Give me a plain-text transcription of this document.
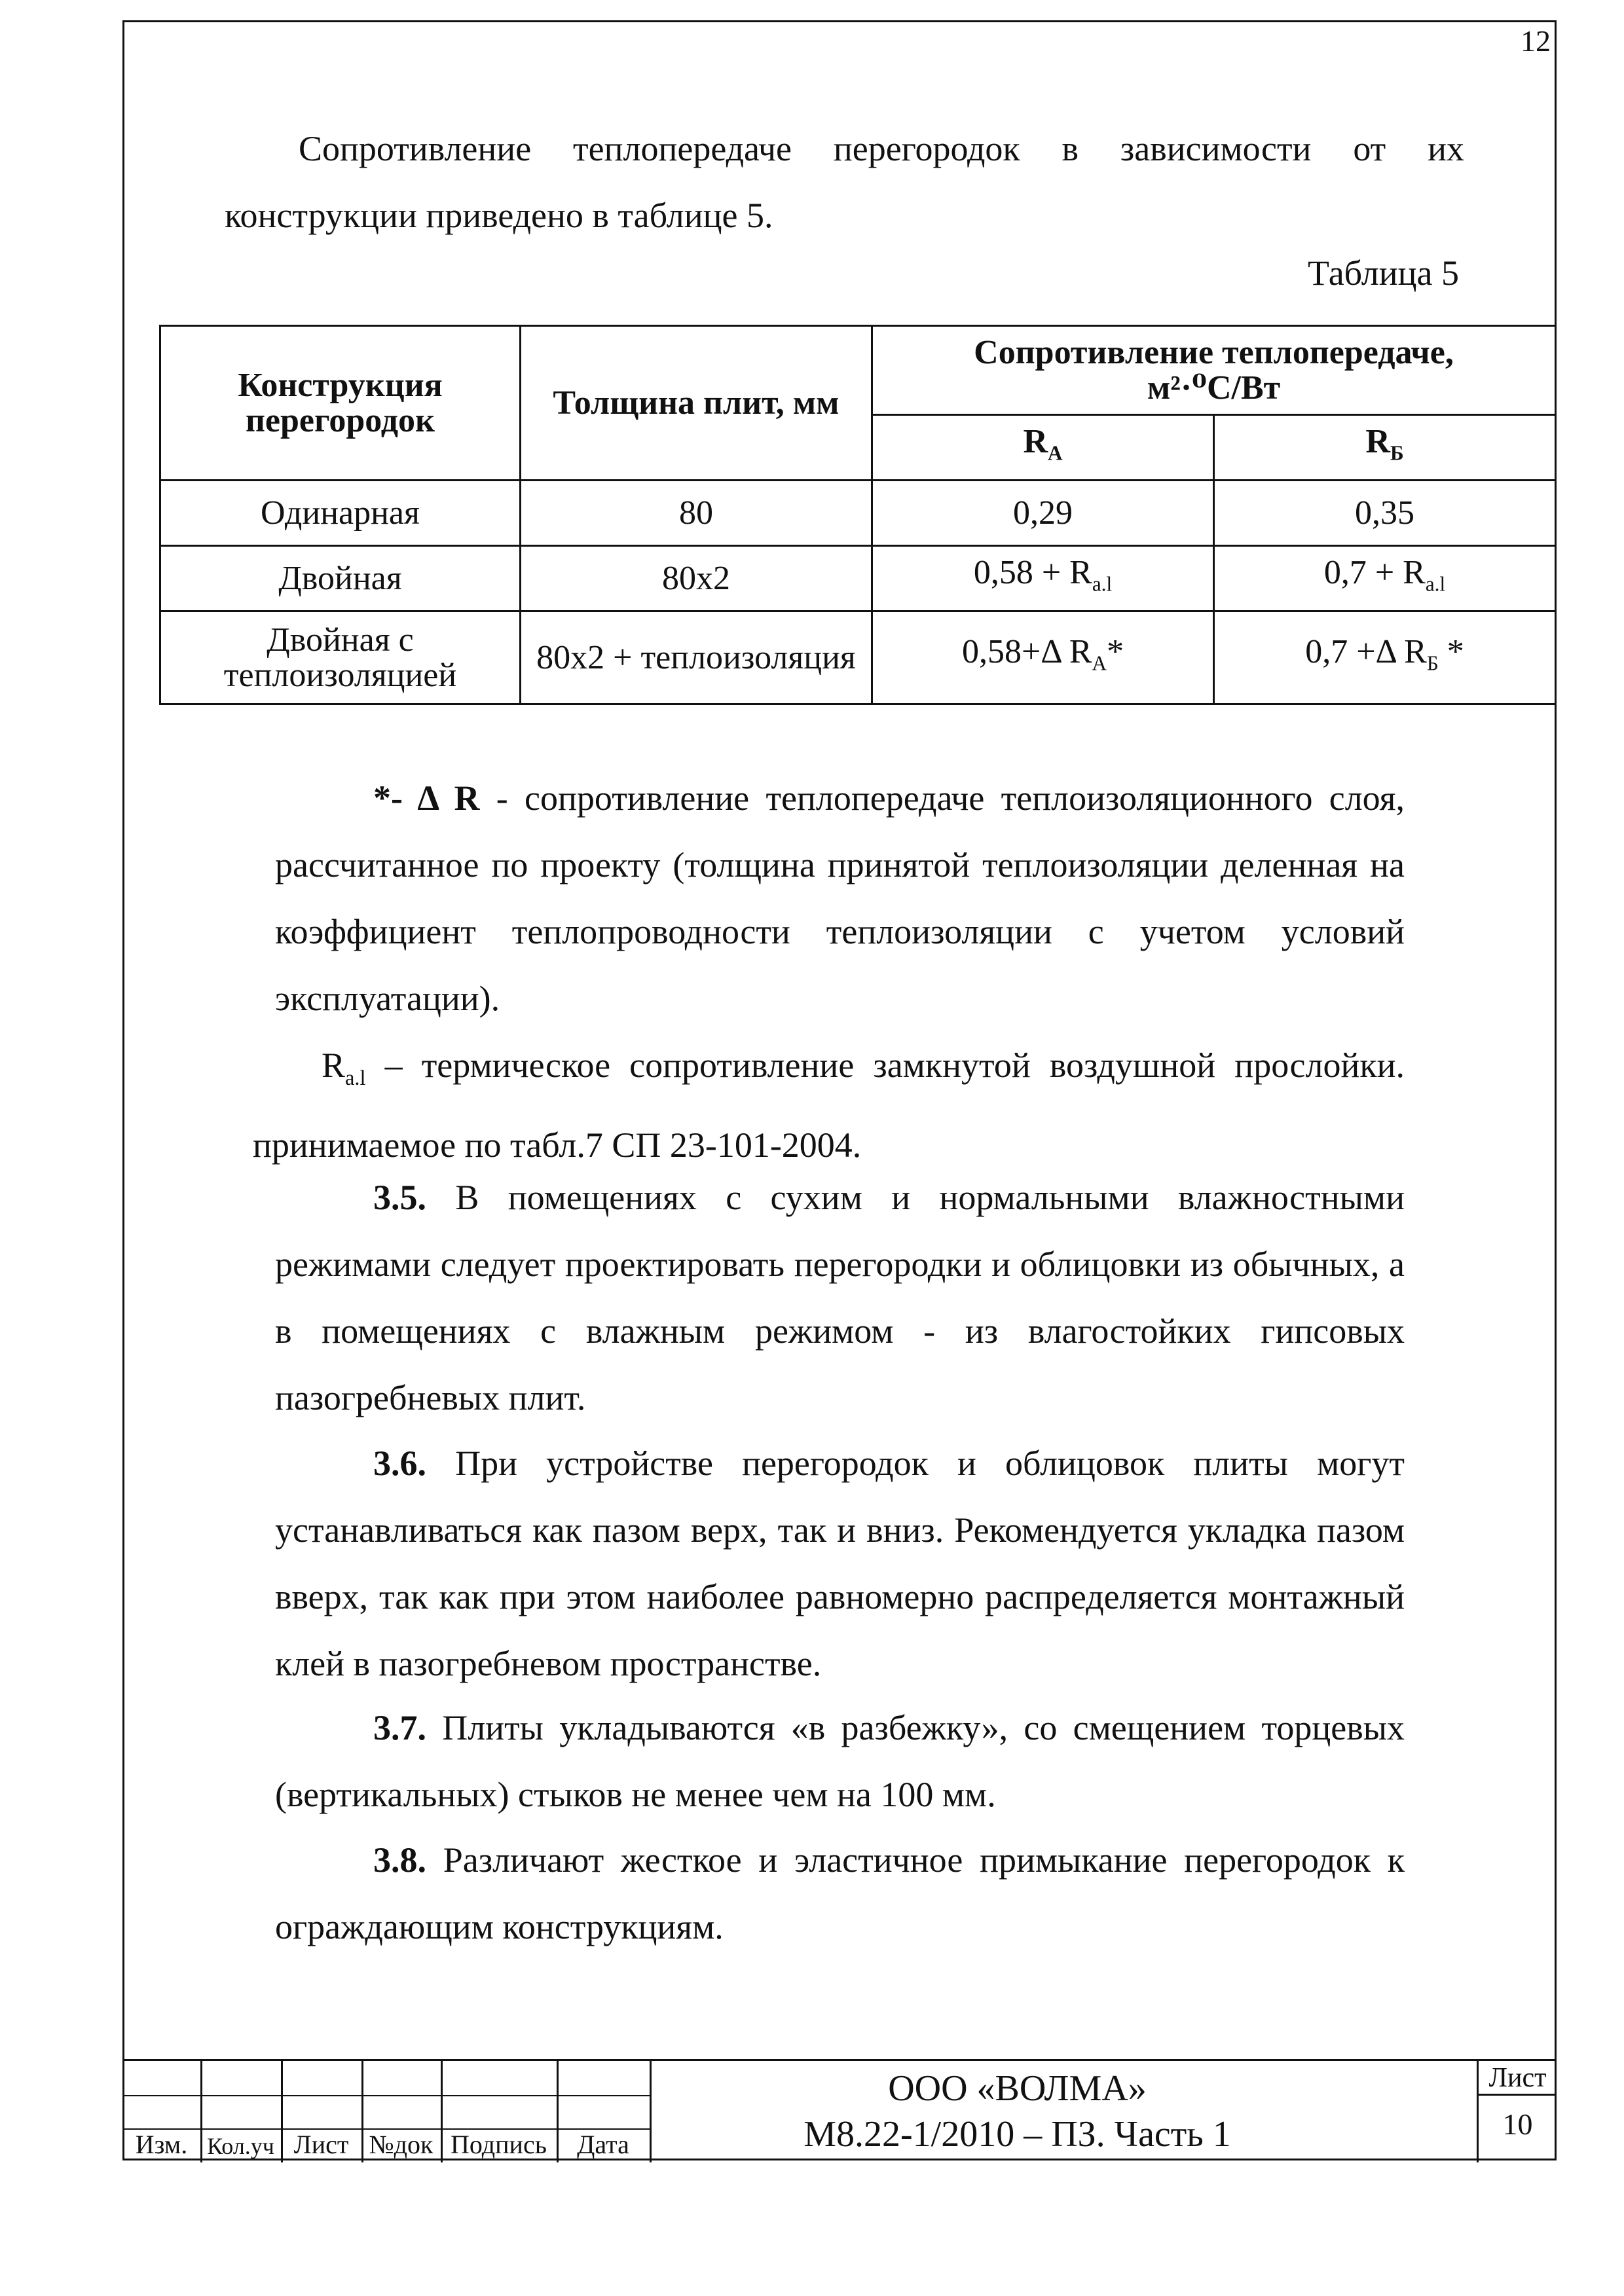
12
Сопротивление теплопередаче перегородок в зависимости от их
конструкции приведено в таблице 5.
Таблица 5
Конструкция перегородок	Толщина плит, мм	Сопротивление теплопередаче,
м²·⁰С/Вт	
		$R_А$	$R_Б$
Одинарная	80	0,29	0,35
Двойная	80х2	$0,58 + R_{a.l}$	$0,7 + R_{a.l}$
Двойная с теплоизоляцией	80х2 + теплоизоляция	0,58+Δ $R_А*$	0,7 +Δ $R_Б$ *
*- Δ R - сопротивление теплопередаче теплоизоляционного слоя, рассчитанное по проекту (толщина принятой теплоизоляции деленная на коэффициент теплопроводности теплоизоляции с учетом условий эксплуатации).
$R_{a.l}$ – термическое сопротивление замкнутой воздушной прослойки. принимаемое по табл.7 СП 23-101-2004.
3.5. В помещениях с сухим и нормальными влажностными режимами следует проектировать перегородки и облицовки из обычных, а в помещениях с влажным режимом - из влагостойких гипсовых пазогребневых плит.
3.6. При устройстве перегородок и облицовок плиты могут устанавливаться как пазом верх, так и вниз. Рекомендуется укладка пазом вверх, так как при этом наиболее равномерно распределяется монтажный клей в пазогребневом пространстве.
3.7. Плиты укладываются «в разбежку», со смещением торцевых (вертикальных) стыков не менее чем на 100 мм.
3.8. Различают жесткое и эластичное примыкание перегородок к ограждающим конструкциям.
Изм. Кол.уч Лист №док Подпись	Дата
ООО «ВОЛМА»
М8.22-1/2010 – ПЗ. Часть 1
Лист
10
